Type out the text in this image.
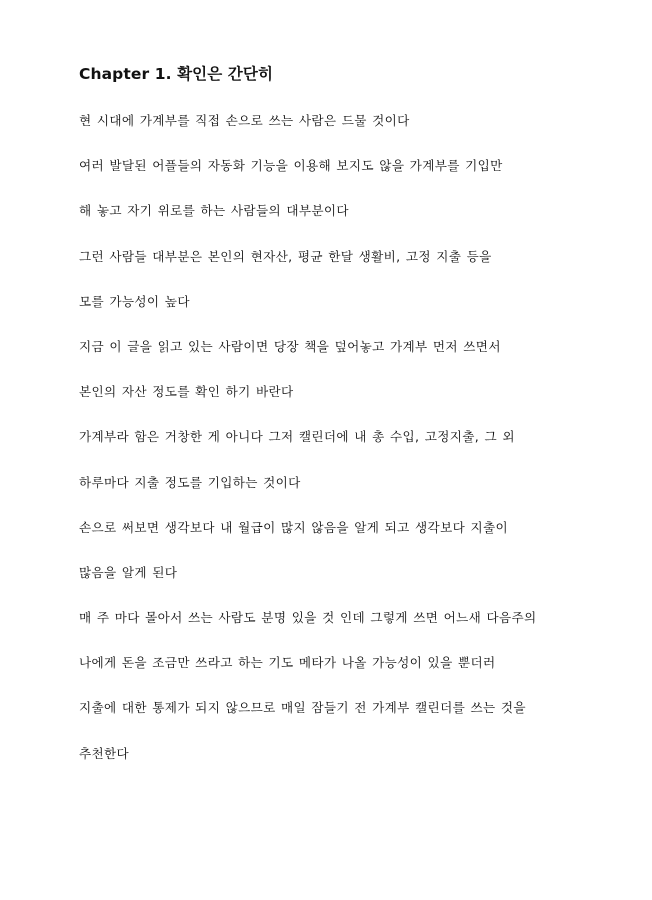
Chapter 1. 확인은 간단히
현 시대에 가계부를 직접 손으로 쓰는 사람은 드물 것이다
여러 발달된 어플들의 자동화 기능을 이용해 보지도 않을 가계부를 기입만
해 놓고 자기 위로를 하는 사람들의 대부분이다
그런 사람들 대부분은 본인의 현자산, 평균 한달 생활비, 고정 지출 등을
모를 가능성이 높다
지금 이 글을 읽고 있는 사람이면 당장 책을 덮어놓고 가계부 먼저 쓰면서
본인의 자산 정도를 확인 하기 바란다
가계부라 함은 거창한 게 아니다 그저 캘린더에 내 총 수입, 고정지출, 그 외
하루마다 지출 정도를 기입하는 것이다
손으로 써보면 생각보다 내 월급이 많지 않음을 알게 되고 생각보다 지출이
많음을 알게 된다
매 주 마다 몰아서 쓰는 사람도 분명 있을 것 인데 그렇게 쓰면 어느새 다음주의
나에게 돈을 조금만 쓰라고 하는 기도 메타가 나올 가능성이 있을 뿐더러
지출에 대한 통제가 되지 않으므로 매일 잠들기 전 가계부 캘린더를 쓰는 것을
추천한다
